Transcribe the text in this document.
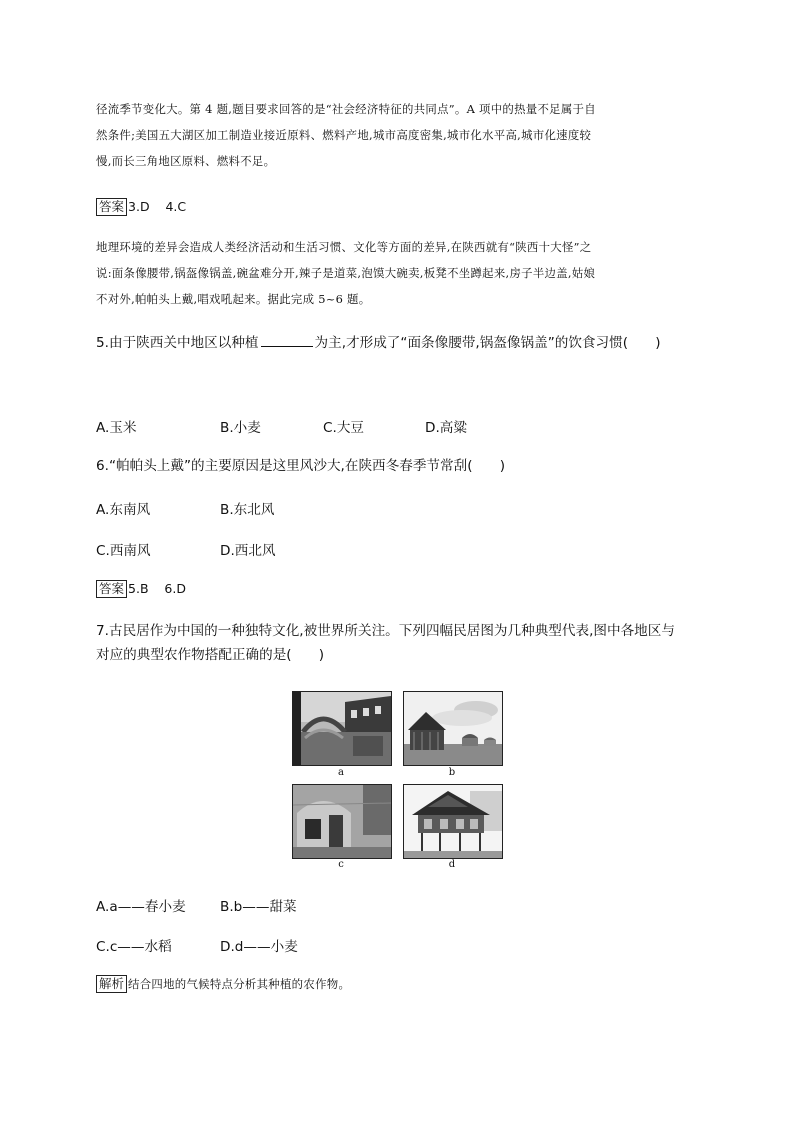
径流季节变化大。第 4 题,题目要求回答的是“社会经济特征的共同点”。A 项中的热量不足属于自
然条件;美国五大湖区加工制造业接近原料、燃料产地,城市高度密集,城市化水平高,城市化速度较
慢,而长三角地区原料、燃料不足。
答案 3.D    4.C
地理环境的差异会造成人类经济活动和生活习惯、文化等方面的差异,在陕西就有“陕西十大怪”之
说:面条像腰带,锅盔像锅盖,碗盆难分开,辣子是道菜,泡馍大碗卖,板凳不坐蹲起来,房子半边盖,姑娘
不对外,帕帕头上戴,唱戏吼起来。据此完成 5~6 题。
5.由于陕西关中地区以种植	为主,才形成了“面条像腰带,锅盔像锅盖”的饮食习惯(　　)
A.玉米	B.小麦	C.大豆	D.高粱
6.“帕帕头上戴”的主要原因是这里风沙大,在陕西冬春季节常刮(　　)
A.东南风	B.东北风
C.西南风	D.西北风
答案 5.B    6.D
7.古民居作为中国的一种独特文化,被世界所关注。下列四幅民居图为几种典型代表,图中各地区与
对应的典型农作物搭配正确的是(　　)
a	b
c	d
A.a——春小麦	B.b——甜菜
C.c——水稻	D.d——小麦
解析 结合四地的气候特点分析其种植的农作物。
